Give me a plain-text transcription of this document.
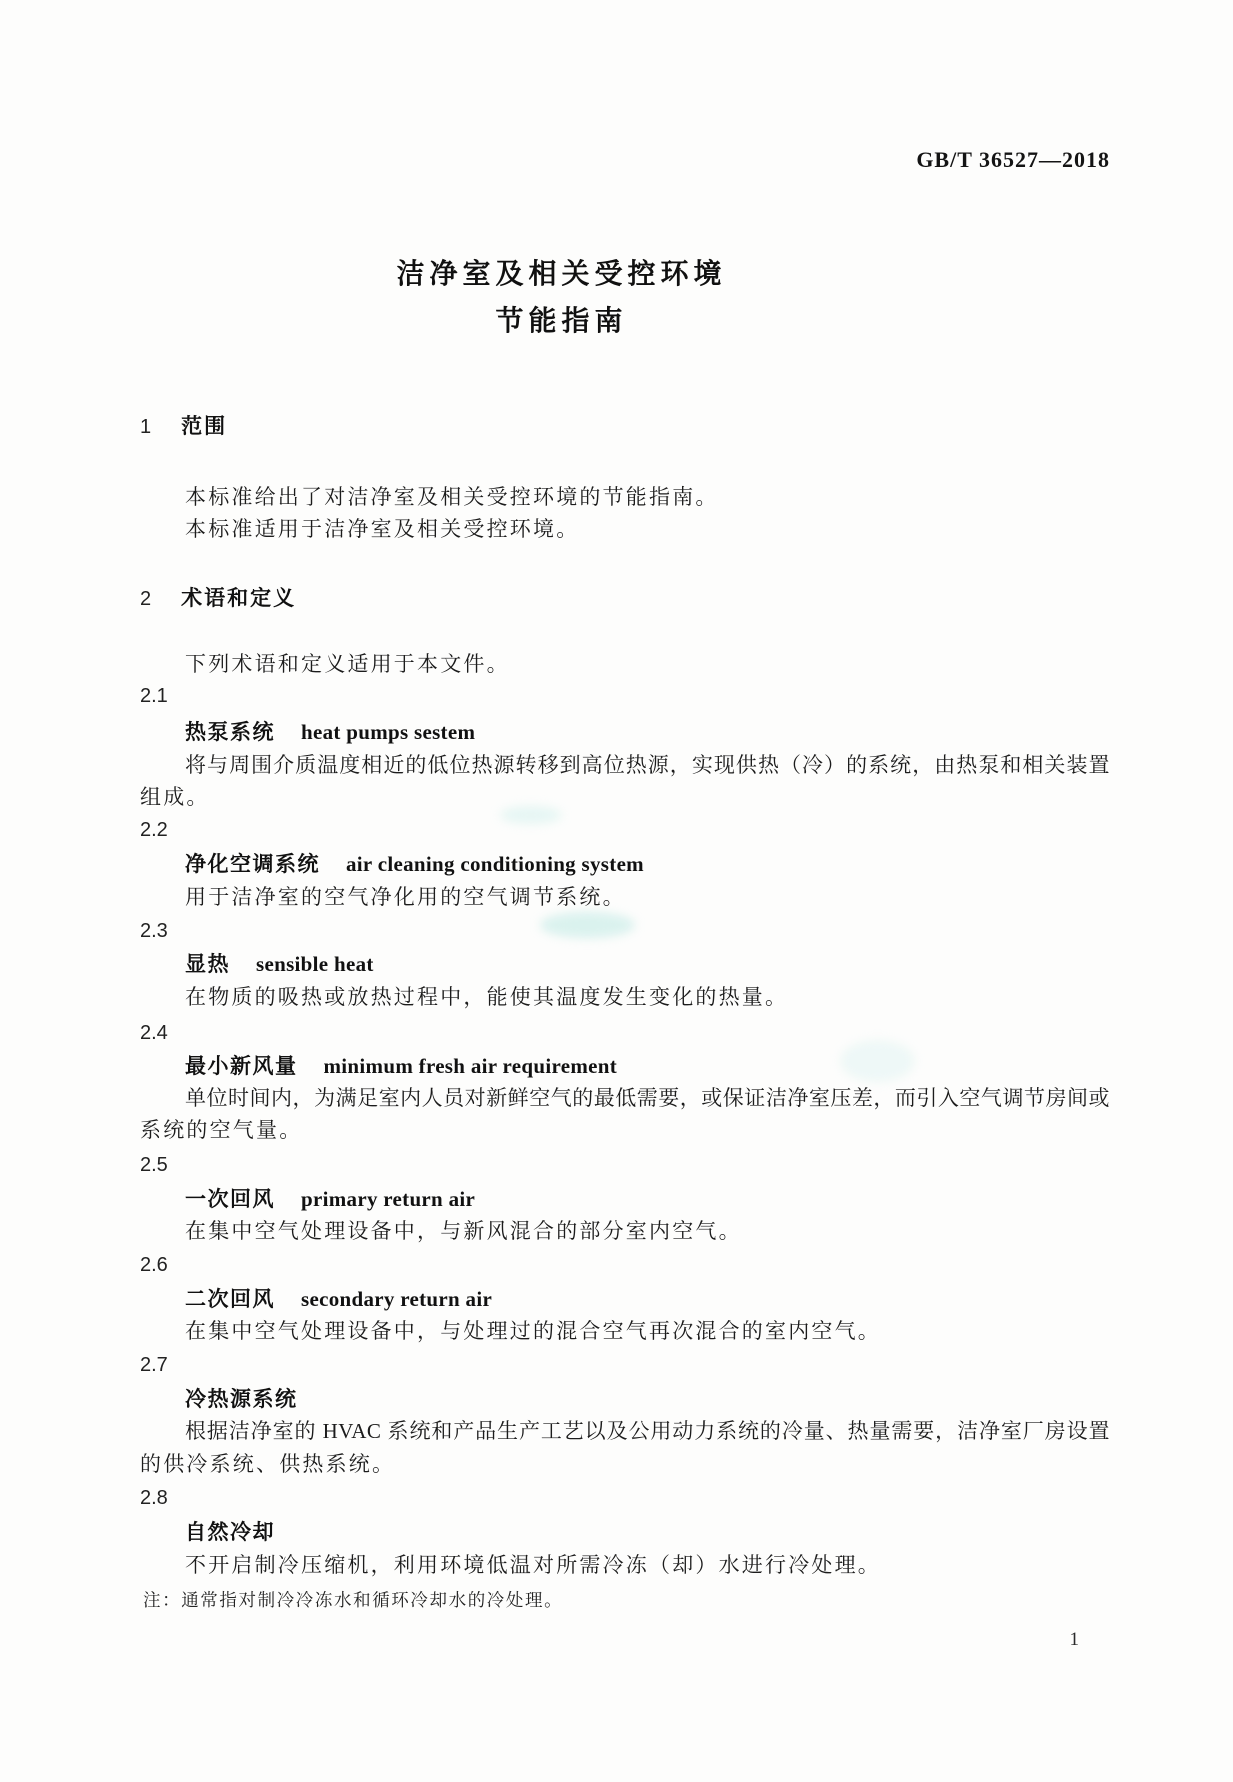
GB/T 36527—2018
洁净室及相关受控环境
节能指南
1 范围
本标准给出了对洁净室及相关受控环境的节能指南。
本标准适用于洁净室及相关受控环境。
2 术语和定义
下列术语和定义适用于本文件。
2.1
热泵系统 heat pumps sestem
将与周围介质温度相近的低位热源转移到高位热源，实现供热（冷）的系统，由热泵和相关装置
组成。
2.2
净化空调系统 air cleaning conditioning system
用于洁净室的空气净化用的空气调节系统。
2.3
显热 sensible heat
在物质的吸热或放热过程中，能使其温度发生变化的热量。
2.4
最小新风量 minimum fresh air requirement
单位时间内，为满足室内人员对新鲜空气的最低需要，或保证洁净室压差，而引入空气调节房间或
系统的空气量。
2.5
一次回风 primary return air
在集中空气处理设备中，与新风混合的部分室内空气。
2.6
二次回风 secondary return air
在集中空气处理设备中，与处理过的混合空气再次混合的室内空气。
2.7
冷热源系统
根据洁净室的 HVAC 系统和产品生产工艺以及公用动力系统的冷量、热量需要，洁净室厂房设置
的供冷系统、供热系统。
2.8
自然冷却
不开启制冷压缩机，利用环境低温对所需冷冻（却）水进行冷处理。
注：通常指对制冷冷冻水和循环冷却水的冷处理。
1
